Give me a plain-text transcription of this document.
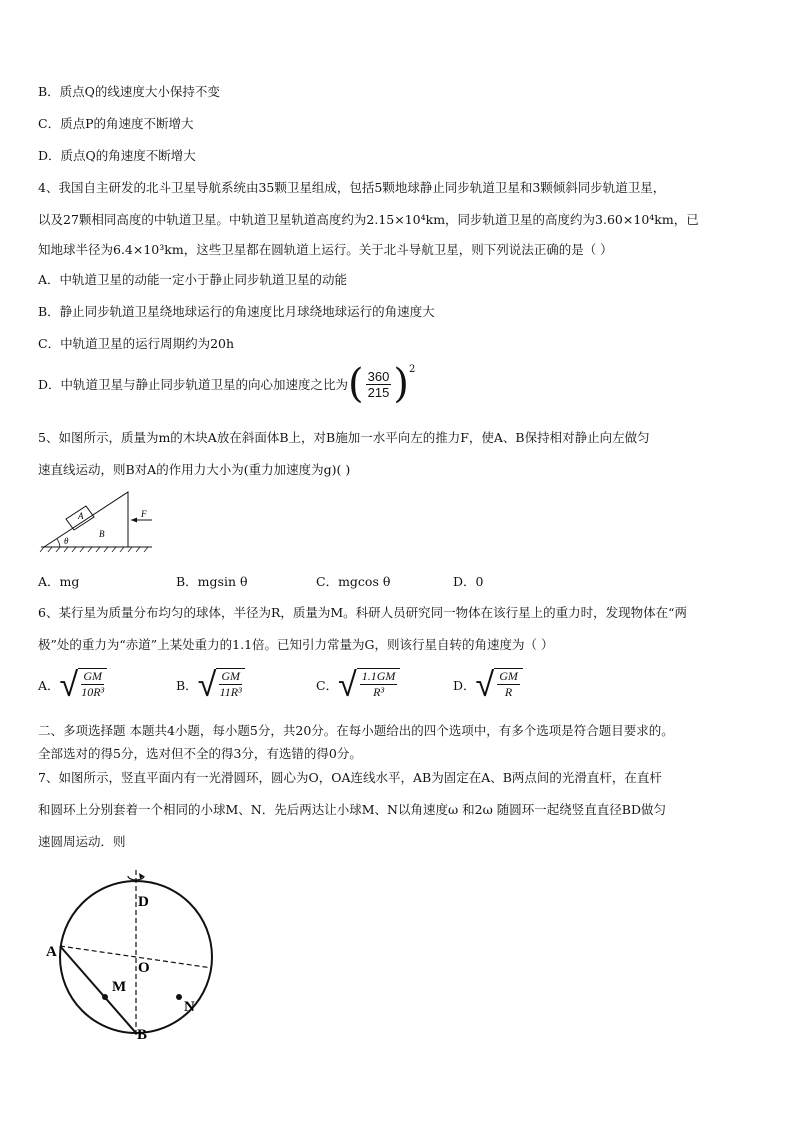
B．质点Q的线速度大小保持不变
C．质点P的角速度不断增大
D．质点Q的角速度不断增大
4、我国自主研发的北斗卫星导航系统由35颗卫星组成，包括5颗地球静止同步轨道卫星和3颗倾斜同步轨道卫星，
以及27颗相同高度的中轨道卫星。中轨道卫星轨道高度约为2.15×10⁴km，同步轨道卫星的高度约为3.60×10⁴km，已
知地球半径为6.4×10³km，这些卫星都在圆轨道上运行。关于北斗导航卫星，则下列说法正确的是（ ）
A．中轨道卫星的动能一定小于静止同步轨道卫星的动能
B．静止同步轨道卫星绕地球运行的角速度比月球绕地球运行的角速度大
C．中轨道卫星的运行周期约为20h
D．中轨道卫星与静止同步轨道卫星的向心加速度之比为 ( $\frac{360}{215} )^2$
5、如图所示，质量为m的木块A放在斜面体B上，对B施加一水平向左的推力F，使A、B保持相对静止向左做匀
速直线运动，则B对A的作用力大小为(重力加速度为g)( )
A
B
F
θ
A．mg	B．mgsin θ	C．mgcos θ	D．0
6、某行星为质量分布均匀的球体，半径为R，质量为M。科研人员研究同一物体在该行星上的重力时，发现物体在“两
极”处的重力为“赤道”上某处重力的1.1倍。已知引力常量为G，则该行星自转的角速度为（ ）
A． √ $\frac{GM}{\text{10R³}}$	B． √ $\frac{GM}{\text{11R³}}$	C． √ $\frac{1.1GM}{\text{R³}}$	D． √ $\frac{GM}{R}$
二、多项选择题 本题共4小题，每小题5分，共20分。在每小题给出的四个选项中，有多个选项是符合题目要求的。
全部选对的得5分，选对但不全的得3分，有选错的得0分。
7、如图所示，竖直平面内有一光滑圆环，圆心为O，OA连线水平，AB为固定在A、B两点间的光滑直杆，在直杆
和圆环上分别套着一个相同的小球M、N．先后两达让小球M、N以角速度ω 和2ω 随圆环一起绕竖直直径BD做匀
速圆周运动．则
D
A
O
M
N
B
